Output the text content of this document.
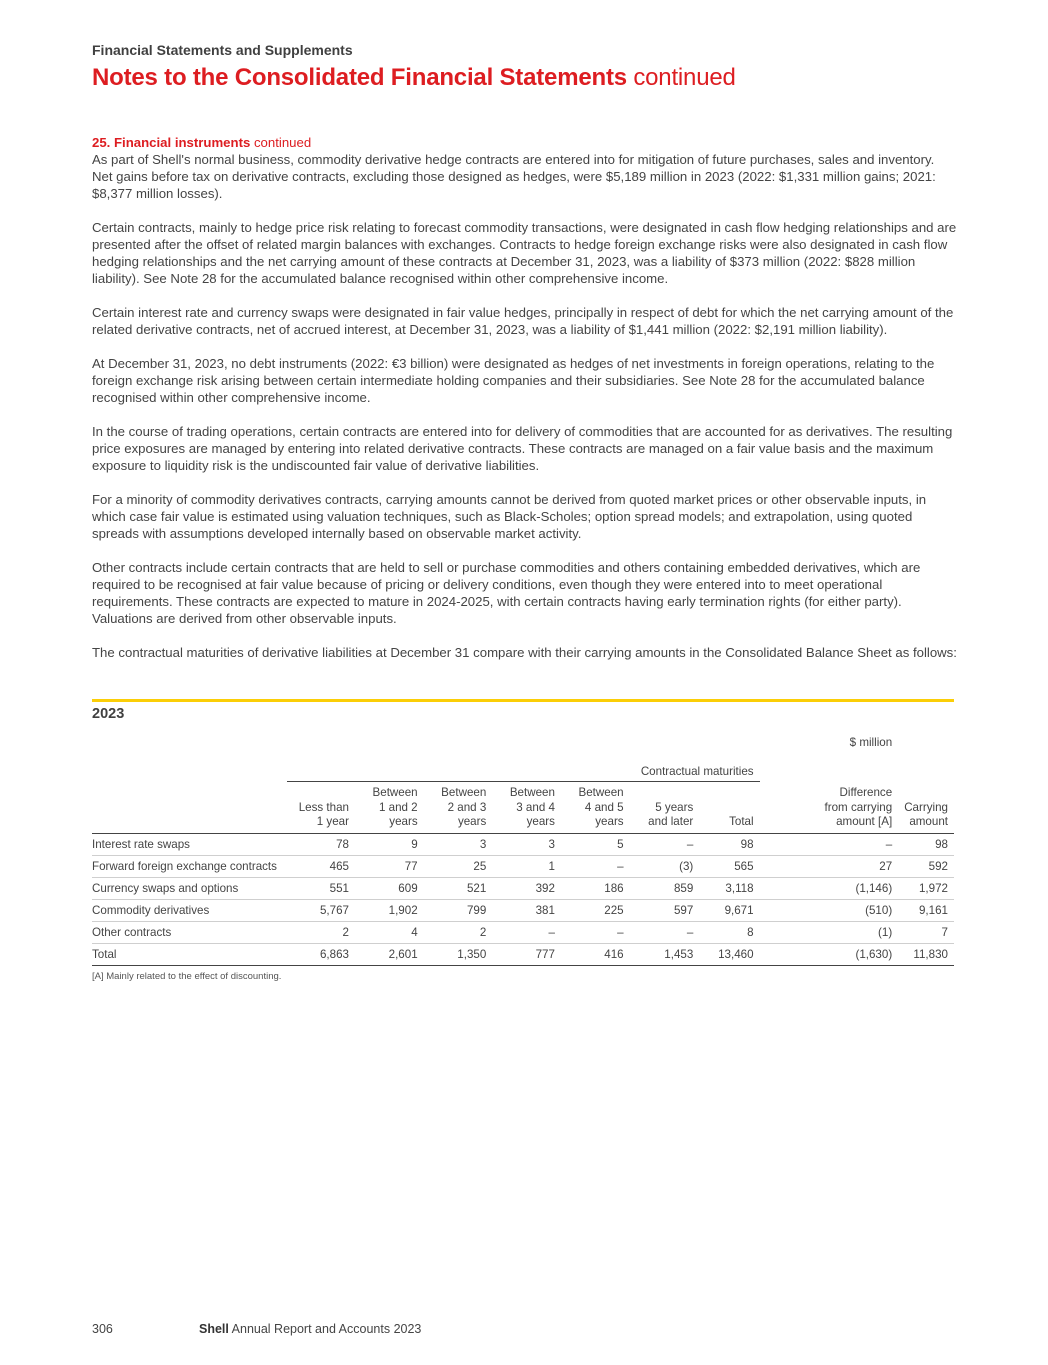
Financial Statements and Supplements
Notes to the Consolidated Financial Statements continued
25. Financial instruments continued

As part of Shell's normal business, commodity derivative hedge contracts are entered into for mitigation of future purchases, sales and inventory. Net gains before tax on derivative contracts, excluding those designed as hedges, were $5,189 million in 2023 (2022: $1,331 million gains; 2021: $8,377 million losses).

Certain contracts, mainly to hedge price risk relating to forecast commodity transactions, were designated in cash flow hedging relationships and are presented after the offset of related margin balances with exchanges. Contracts to hedge foreign exchange risks were also designated in cash flow hedging relationships and the net carrying amount of these contracts at December 31, 2023, was a liability of $373 million (2022: $828 million liability). See Note 28 for the accumulated balance recognised within other comprehensive income.

Certain interest rate and currency swaps were designated in fair value hedges, principally in respect of debt for which the net carrying amount of the related derivative contracts, net of accrued interest, at December 31, 2023, was a liability of $1,441 million (2022: $2,191 million liability).

At December 31, 2023, no debt instruments (2022: €3 billion) were designated as hedges of net investments in foreign operations, relating to the foreign exchange risk arising between certain intermediate holding companies and their subsidiaries. See Note 28 for the accumulated balance recognised within other comprehensive income.

In the course of trading operations, certain contracts are entered into for delivery of commodities that are accounted for as derivatives. The resulting price exposures are managed by entering into related derivative contracts. These contracts are managed on a fair value basis and the maximum exposure to liquidity risk is the undiscounted fair value of derivative liabilities.

For a minority of commodity derivatives contracts, carrying amounts cannot be derived from quoted market prices or other observable inputs, in which case fair value is estimated using valuation techniques, such as Black-Scholes; option spread models; and extrapolation, using quoted spreads with assumptions developed internally based on observable market activity.

Other contracts include certain contracts that are held to sell or purchase commodities and others containing embedded derivatives, which are required to be recognised at fair value because of pricing or delivery conditions, even though they were entered into to meet operational requirements. These contracts are expected to mature in 2024-2025, with certain contracts having early termination rights (for either party). Valuations are derived from other observable inputs.

The contractual maturities of derivative liabilities at December 31 compare with their carrying amounts in the Consolidated Balance Sheet as follows:

2023
$ million										
	Contractual maturities									
	Less than
1 year	Between
1 and 2
years	Between
2 and 3
years	Between
3 and 4
years	Between
4 and 5
years	5 years
and later	Total	Difference
from carrying
amount [A]		Carrying
amount
Interest rate swaps	78	9	3	3	5	–	98	–		98
Forward foreign exchange contracts	465	77	25	1	–	(3)	565	27		592
Currency swaps and options	551	609	521	392	186	859	3,118	(1,146)		1,972
Commodity derivatives	5,767	1,902	799	381	225	597	9,671	(510)		9,161
Other contracts	2	4	2	–	–	–	8	(1)		7
Total	6,863	2,601	1,350	777	416	1,453	13,460	(1,630)		11,830
[A] Mainly related to the effect of discounting.
306	Shell Annual Report and Accounts 2023
